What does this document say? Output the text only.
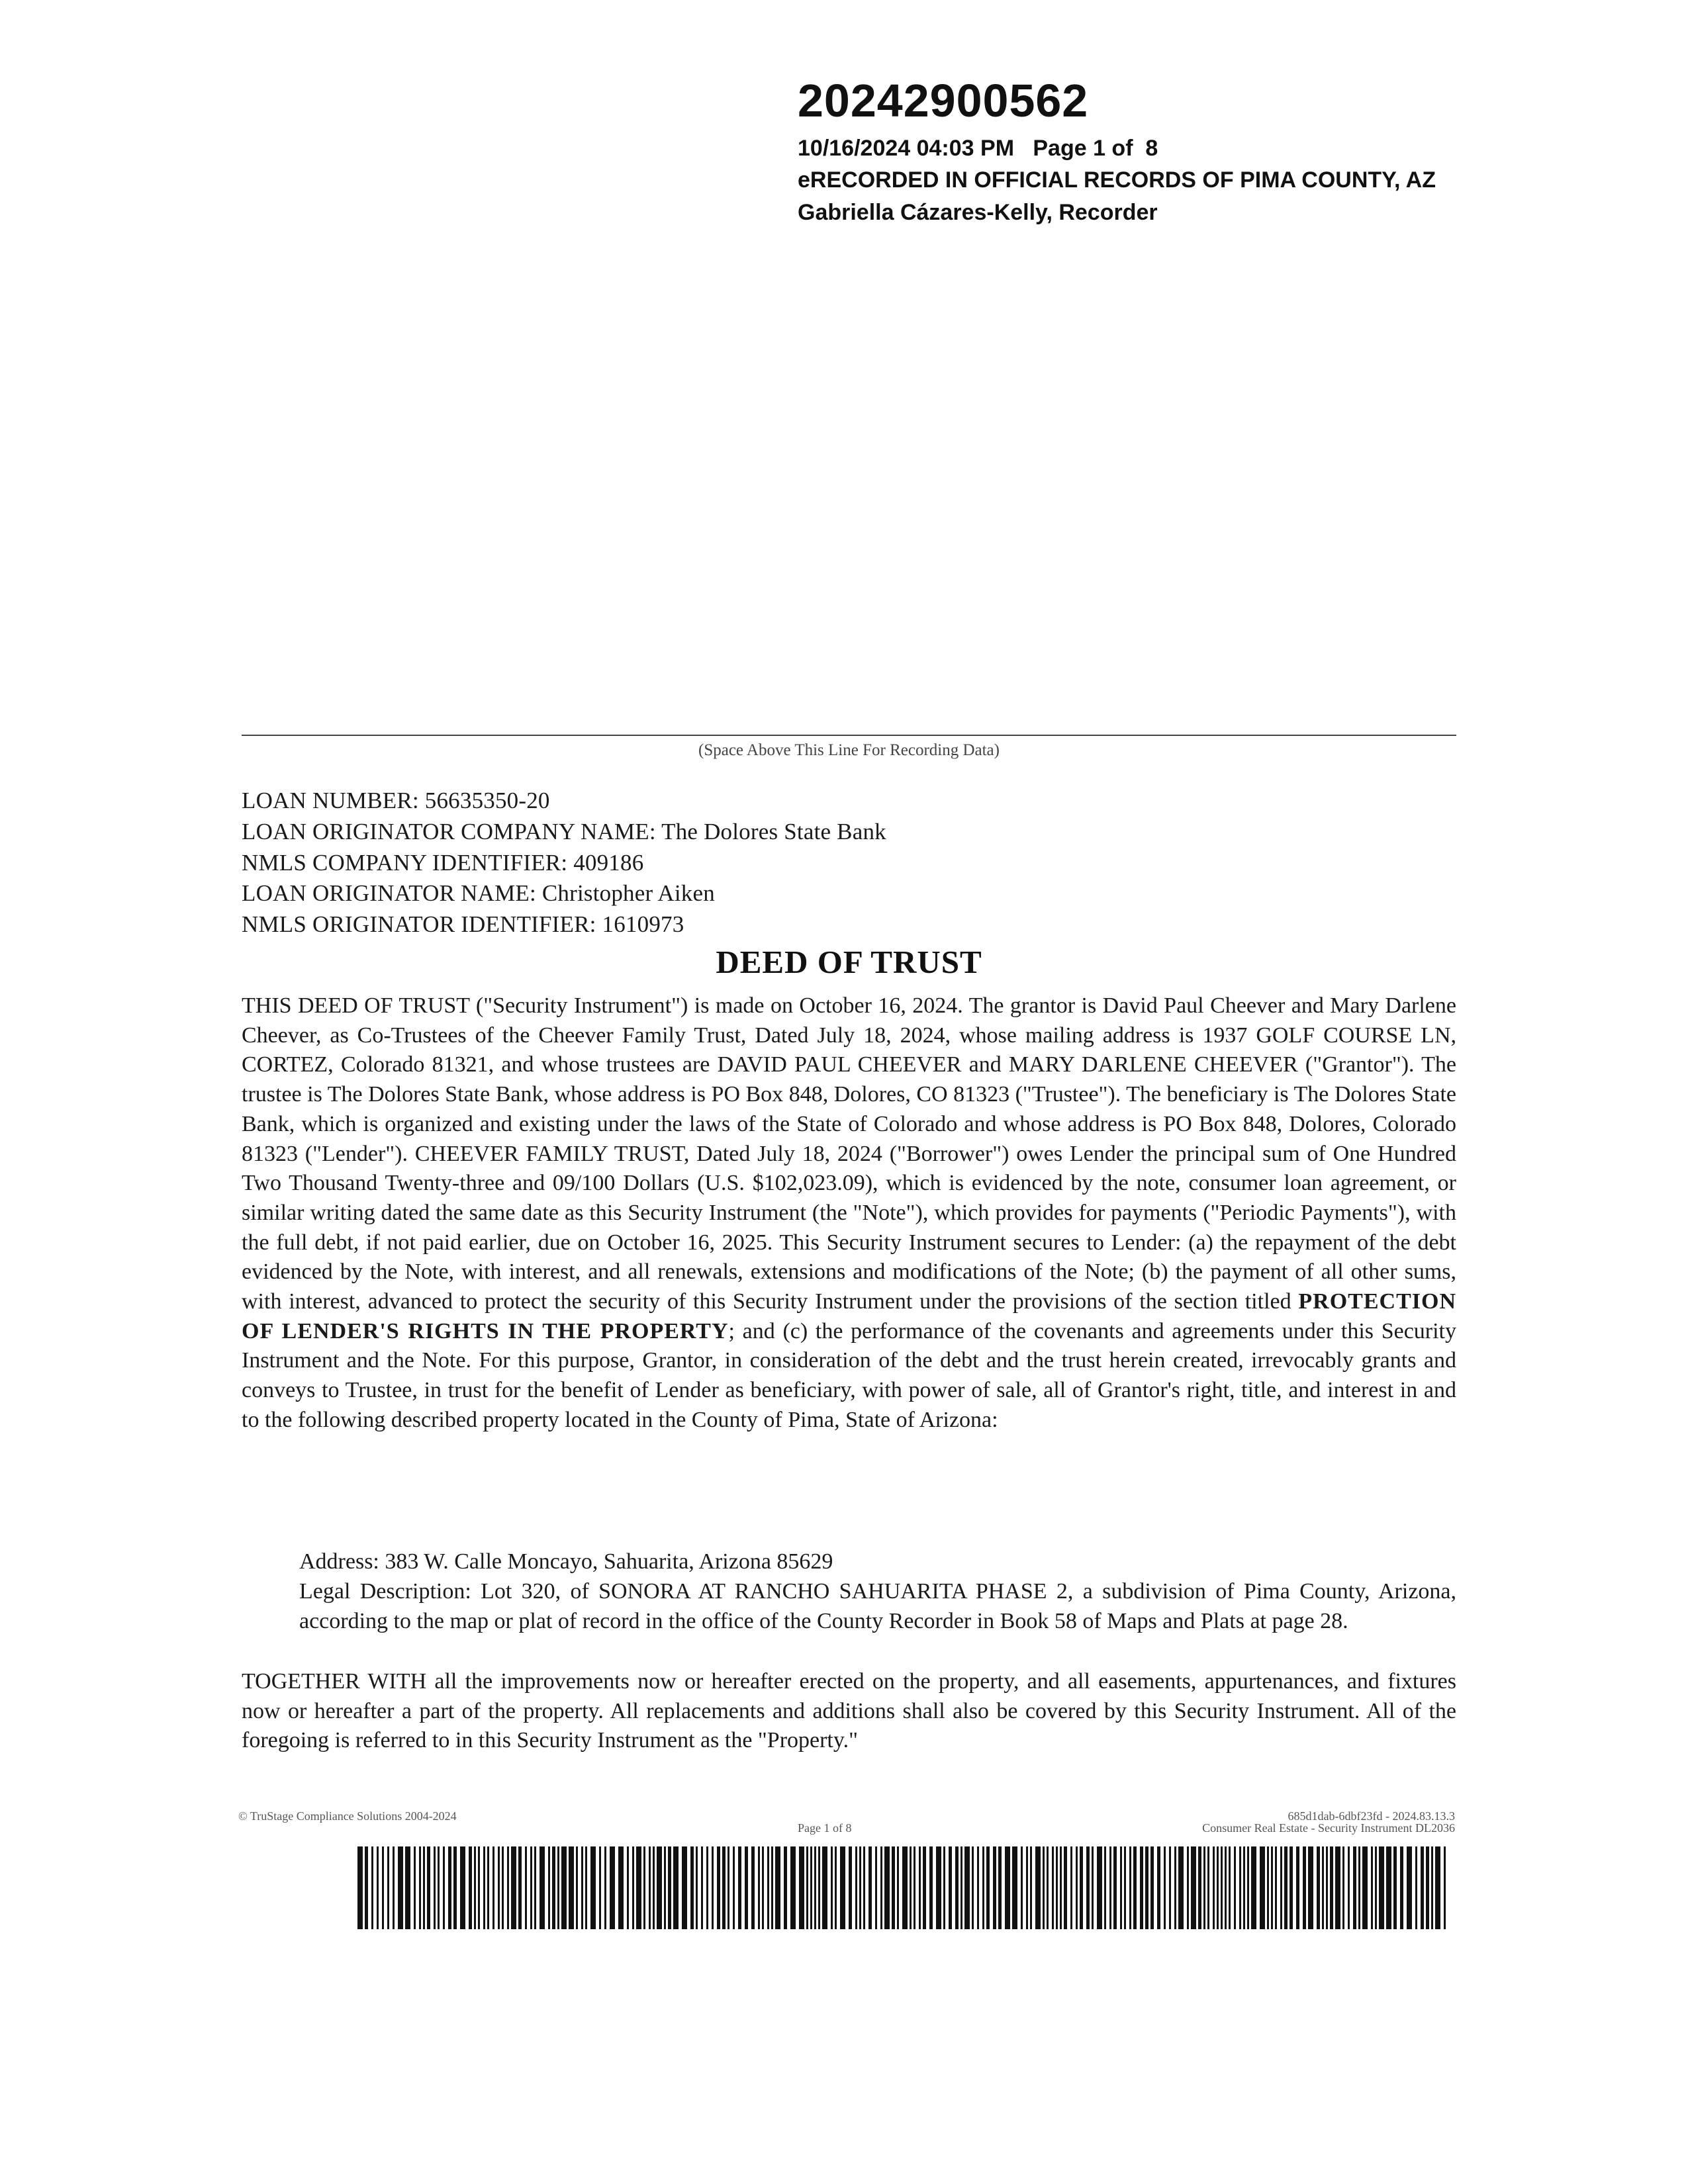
20242900562
10/16/2024 04:03 PM   Page 1 of  8
eRECORDED IN OFFICIAL RECORDS OF PIMA COUNTY, AZ
Gabriella Cázares-Kelly, Recorder
(Space Above This Line For Recording Data)
LOAN NUMBER: 56635350-20
LOAN ORIGINATOR COMPANY NAME: The Dolores State Bank
NMLS COMPANY IDENTIFIER: 409186
LOAN ORIGINATOR NAME: Christopher Aiken
NMLS ORIGINATOR IDENTIFIER: 1610973
DEED OF TRUST
THIS DEED OF TRUST ("Security Instrument") is made on October 16, 2024. The grantor is David Paul Cheever and Mary Darlene Cheever, as Co-Trustees of the Cheever Family Trust, Dated July 18, 2024, whose mailing address is 1937 GOLF COURSE LN, CORTEZ, Colorado 81321, and whose trustees are DAVID PAUL CHEEVER and MARY DARLENE CHEEVER ("Grantor"). The trustee is The Dolores State Bank, whose address is PO Box 848, Dolores, CO 81323 ("Trustee"). The beneficiary is The Dolores State Bank, which is organized and existing under the laws of the State of Colorado and whose address is PO Box 848, Dolores, Colorado 81323 ("Lender"). CHEEVER FAMILY TRUST, Dated July 18, 2024 ("Borrower") owes Lender the principal sum of One Hundred Two Thousand Twenty-three and 09/100 Dollars (U.S. $102,023.09), which is evidenced by the note, consumer loan agreement, or similar writing dated the same date as this Security Instrument (the "Note"), which provides for payments ("Periodic Payments"), with the full debt, if not paid earlier, due on October 16, 2025. This Security Instrument secures to Lender: (a) the repayment of the debt evidenced by the Note, with interest, and all renewals, extensions and modifications of the Note; (b) the payment of all other sums, with interest, advanced to protect the security of this Security Instrument under the provisions of the section titled PROTECTION OF LENDER'S RIGHTS IN THE PROPERTY; and (c) the performance of the covenants and agreements under this Security Instrument and the Note. For this purpose, Grantor, in consideration of the debt and the trust herein created, irrevocably grants and conveys to Trustee, in trust for the benefit of Lender as beneficiary, with power of sale, all of Grantor's right, title, and interest in and to the following described property located in the County of Pima, State of Arizona:
Address: 383 W. Calle Moncayo, Sahuarita, Arizona 85629
Legal Description: Lot 320, of SONORA AT RANCHO SAHUARITA PHASE 2, a subdivision of Pima County, Arizona, according to the map or plat of record in the office of the County Recorder in Book 58 of Maps and Plats at page 28.
TOGETHER WITH all the improvements now or hereafter erected on the property, and all easements, appurtenances, and fixtures now or hereafter a part of the property. All replacements and additions shall also be covered by this Security Instrument. All of the foregoing is referred to in this Security Instrument as the "Property."
© TruStage Compliance Solutions 2004-2024
Page 1 of 8
685d1dab-6dbf23fd - 2024.83.13.3
Consumer Real Estate - Security Instrument DL2036
